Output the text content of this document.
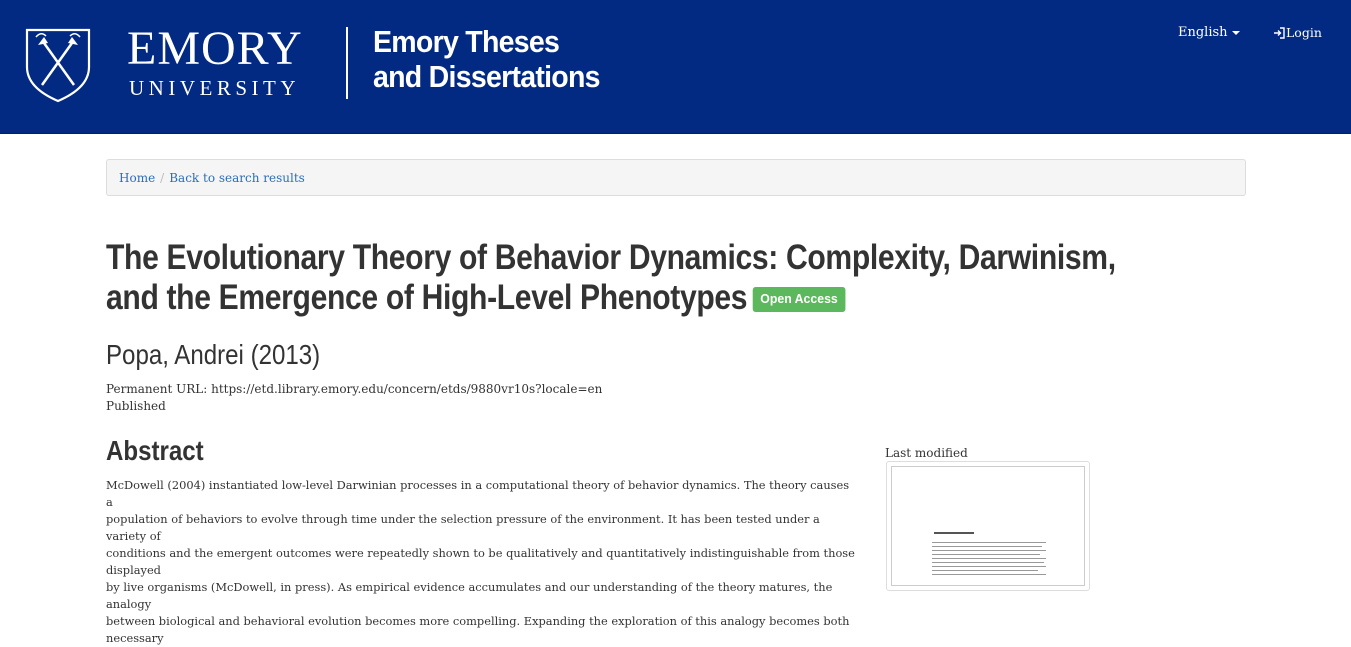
EMORY
UNIVERSITY
Emory Theses
and Dissertations
English	Login
Home / Back to search results
The Evolutionary Theory of Behavior Dynamics: Complexity, Darwinism, and the Emergence of High-Level Phenotypes Open Access
Popa, Andrei (2013)
Permanent URL: https://etd.library.emory.edu/concern/etds/9880vr10s?locale=en
Published
Abstract
McDowell (2004) instantiated low-level Darwinian processes in a computational theory of behavior dynamics. The theory causes a
population of behaviors to evolve through time under the selection pressure of the environment. It has been tested under a variety of
conditions and the emergent outcomes were repeatedly shown to be qualitatively and quantitatively indistinguishable from those displayed
by live organisms (McDowell, in press). As empirical evidence accumulates and our understanding of the theory matures, the analogy
between biological and behavioral evolution becomes more compelling. Expanding the exploration of this analogy becomes both necessary
Last modified
